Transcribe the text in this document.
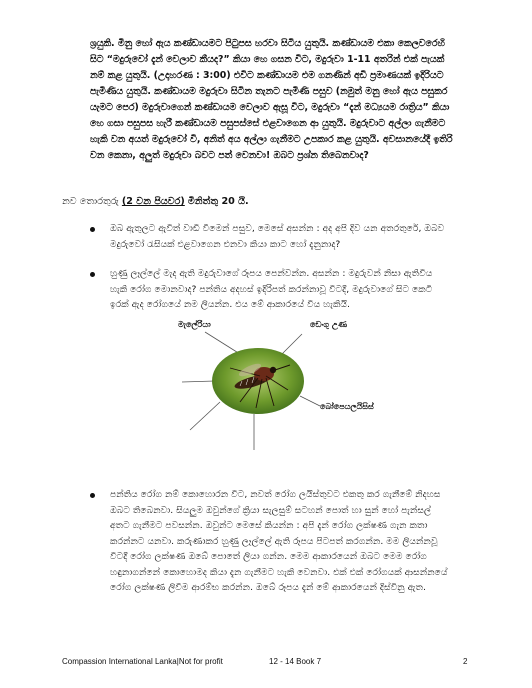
ශ්‍රයුකි. මිනු හෝ ඇය කණ්ඩායමට පිටුපස හරවා සිටිය යුතුයි. කණ්ඩායම එකා කෙලවරෙහි සිට “මදුරුවෝ දැන් වෙලාව කීයද?” කියා හෙ ගසන විට, මදුරුවා 1-11 අතරින් එක් පැයක් නම් කළ යුතුයි. (උදාහරණ : 3:00) එවිට කණ්ඩායම එම ගනණින් අඩි ප්‍රමාණයක් ඉදිරියට පැමිණිය යුතුයි. කණ්ඩායම මදුරුවා සිටින තැනට පැමිණි පසුව (නමුත් මනු හෝ ඇය පසුකර යැමට පෙර) මදුරුවාගෙන් කණ්ඩායම වෙලාව ඇසූ විට, මදුරුවා “දැන් මධ්‍යයම රාත්‍රිය” කියා හෙ ගසා පසුපස හැරී කණ්ඩායම පසුපස්සේ එළවාගෙන ආ යුතුයි. මදුරුවාට අල්ලා ගැනීමට හැකි වන අයත් මදුරුවෝ වී, අනිත් අය අල්ලා ගැනීමට උපකාර කළ යුතුයි. අවසානයේදී ඉතිරි වන කෙනා, අලුත් මදුරුවා බවට පත් වෙනවා! ඔබට ප්‍රශ්න තිබෙනවාද?
නව තොරතුරු (2 වන පියවර) මිනිත්තු 20 යි.
ඔබ ඇතුලට ඇවිත් වාඩි වීමෙන් පසුව, මෙසේ අසන්න : අද අපි දිව යන අතරතුරේ, ඔබව මදුරුවෝ රැසියක් එළවාගෙන එනවා කියා කාට හෝ දැනුනාද?
හුණු ලෑල්ලේ මැද ඇති මදුරුවාගේ රූපය පෙන්වන්න. අසන්න : මදුරුවන් නිසා ඇතිවිය හැකි රෝග මොනවාද? පන්තිය අදහස් ඉදිරිපත් කරන්නාවූ විටදී, මදුරුවාගේ සිට කෙටි ඉරක් ඇද රෝගයේ නම ලියන්න. එය මේ ආකාරයේ විය හැකියි.
මැලේරියා	ඩෙංගු උණ
බෝපෙයලයිසිස්
පන්තිය රෝග නම් කොහොරන විට, නවත් රෝග ලයිස්තුවට එකතු කර ගැනීමේ නිදහස ඔබට තිබෙනවා. සියලුම ඔවුන්ගේ ක්‍රියා සැලසුම් සටහන් පොත් හා සුන් හෝ පැන්සල් අතට ගැනීමට පවසන්න. ඔවුන්ට මෙසේ කියන්න : අපි දැන් රෝග ලක්ෂණ ගැන කතා කරන්නට යනවා. කරුණාකර හුණු ලෑල්ලේ ඇති රූපය පිටපත් කරගන්න. මම ලියන්නවූ විටදී රෝග ලක්ෂණ ඔබේ පොතේ ලියා ගන්න. මෙම ආකාරයෙන් ඔබට මෙම රෝග හඳුනාගන්නේ කොහොමද කියා දැන ගැනීමට හැකි වෙනවා. එක් එක් රෝගයක් ආසන්නයේ රෝග ලක්ෂණ ලිවීම ආරම්භ කරන්න. ඔබේ රූපය දැන් මේ ආකාරයෙන් දිස්විනු ඇත.
Compassion International Lanka|Not for profit	12 - 14 Book 7	2
